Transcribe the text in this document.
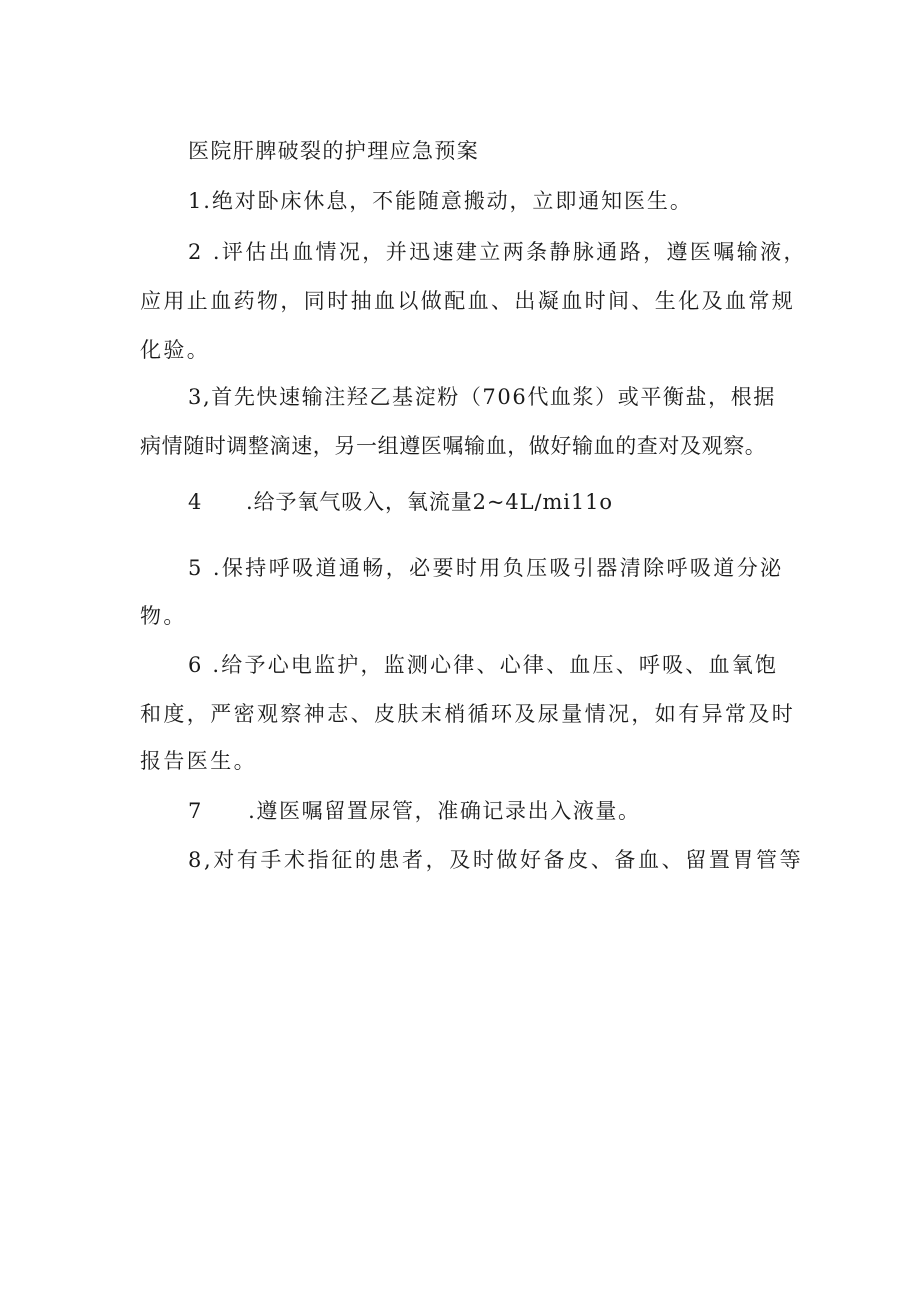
医院肝脾破裂的护理应急预案
1.绝对卧床休息，不能随意搬动，立即通知医生。
2 .评估出血情况，并迅速建立两条静脉通路，遵医嘱输液，
应用止血药物，同时抽血以做配血、出凝血时间、生化及血常规
化验。
3,首先快速输注羟乙基淀粉（706代血浆）或平衡盐，根据
病情随时调整滴速，另一组遵医嘱输血，做好输血的查对及观察。
4　　.给予氧气吸入，氧流量2~4L∕mi11o
5 .保持呼吸道通畅，必要时用负压吸引器清除呼吸道分泌
物。
6 .给予心电监护，监测心律、心律、血压、呼吸、血氧饱
和度，严密观察神志、皮肤末梢循环及尿量情况，如有异常及时
报告医生。
7　　.遵医嘱留置尿管，准确记录出入液量。
8,对有手术指征的患者，及时做好备皮、备血、留置胃管等
